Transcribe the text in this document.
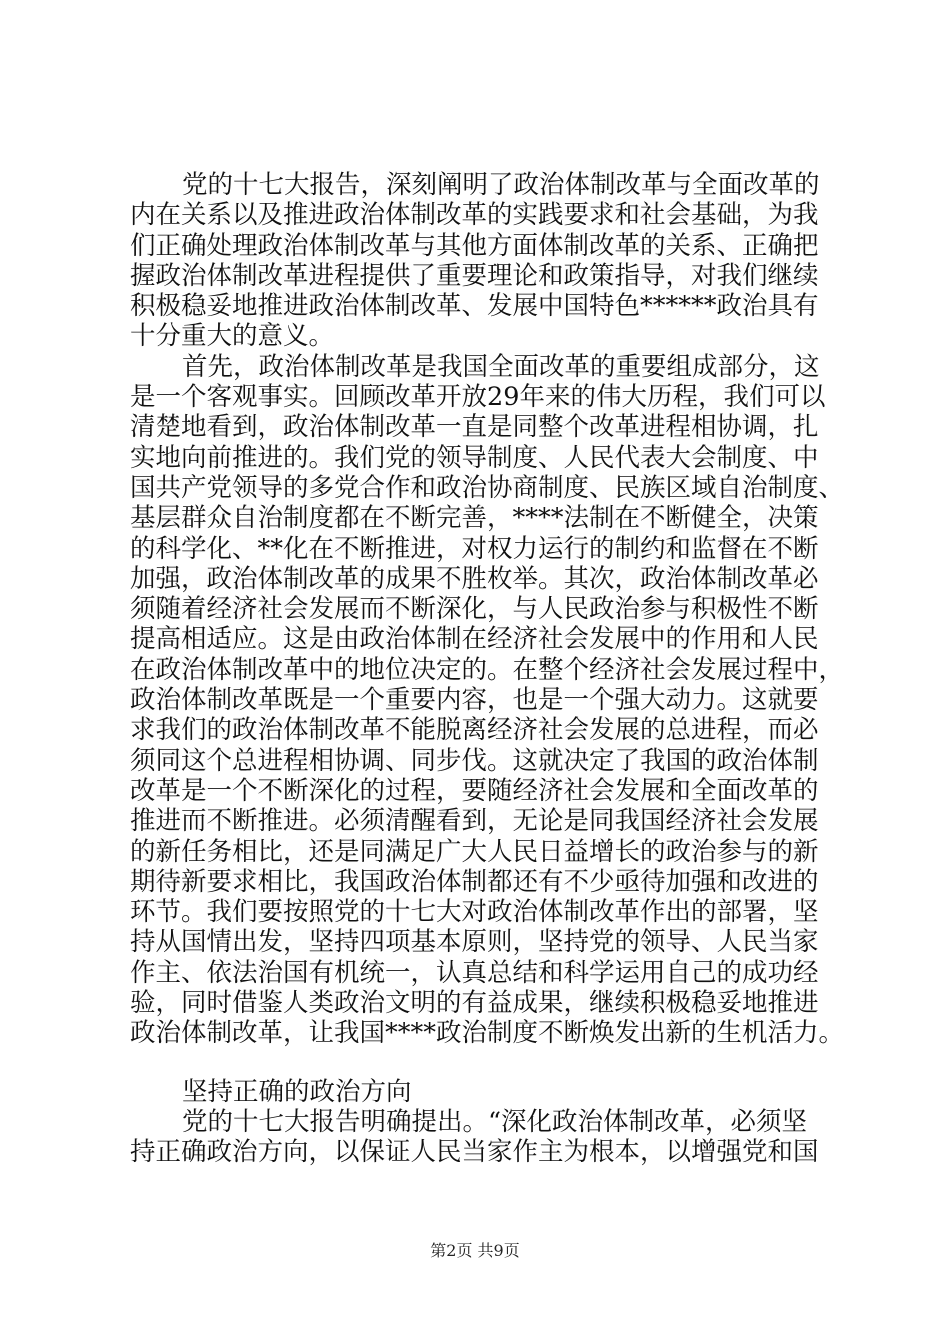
党的十七大报告，深刻阐明了政治体制改革与全面改革的
内在关系以及推进政治体制改革的实践要求和社会基础，为我
们正确处理政治体制改革与其他方面体制改革的关系、正确把
握政治体制改革进程提供了重要理论和政策指导，对我们继续
积极稳妥地推进政治体制改革、发展中国特色******政治具有
十分重大的意义。
首先，政治体制改革是我国全面改革的重要组成部分，这
是一个客观事实。回顾改革开放29年来的伟大历程，我们可以
清楚地看到，政治体制改革一直是同整个改革进程相协调，扎
实地向前推进的。我们党的领导制度、人民代表大会制度、中
国共产党领导的多党合作和政治协商制度、民族区域自治制度、
基层群众自治制度都在不断完善，****法制在不断健全，决策
的科学化、**化在不断推进，对权力运行的制约和监督在不断
加强，政治体制改革的成果不胜枚举。其次，政治体制改革必
须随着经济社会发展而不断深化，与人民政治参与积极性不断
提高相适应。这是由政治体制在经济社会发展中的作用和人民
在政治体制改革中的地位决定的。在整个经济社会发展过程中，
政治体制改革既是一个重要内容，也是一个强大动力。这就要
求我们的政治体制改革不能脱离经济社会发展的总进程，而必
须同这个总进程相协调、同步伐。这就决定了我国的政治体制
改革是一个不断深化的过程，要随经济社会发展和全面改革的
推进而不断推进。必须清醒看到，无论是同我国经济社会发展
的新任务相比，还是同满足广大人民日益增长的政治参与的新
期待新要求相比，我国政治体制都还有不少亟待加强和改进的
环节。我们要按照党的十七大对政治体制改革作出的部署，坚
持从国情出发，坚持四项基本原则，坚持党的领导、人民当家
作主、依法治国有机统一，认真总结和科学运用自己的成功经
验，同时借鉴人类政治文明的有益成果，继续积极稳妥地推进
政治体制改革，让我国****政治制度不断焕发出新的生机活力。
坚持正确的政治方向
党的十七大报告明确提出。“深化政治体制改革，必须坚
持正确政治方向，以保证人民当家作主为根本，以增强党和国
第2页 共9页
